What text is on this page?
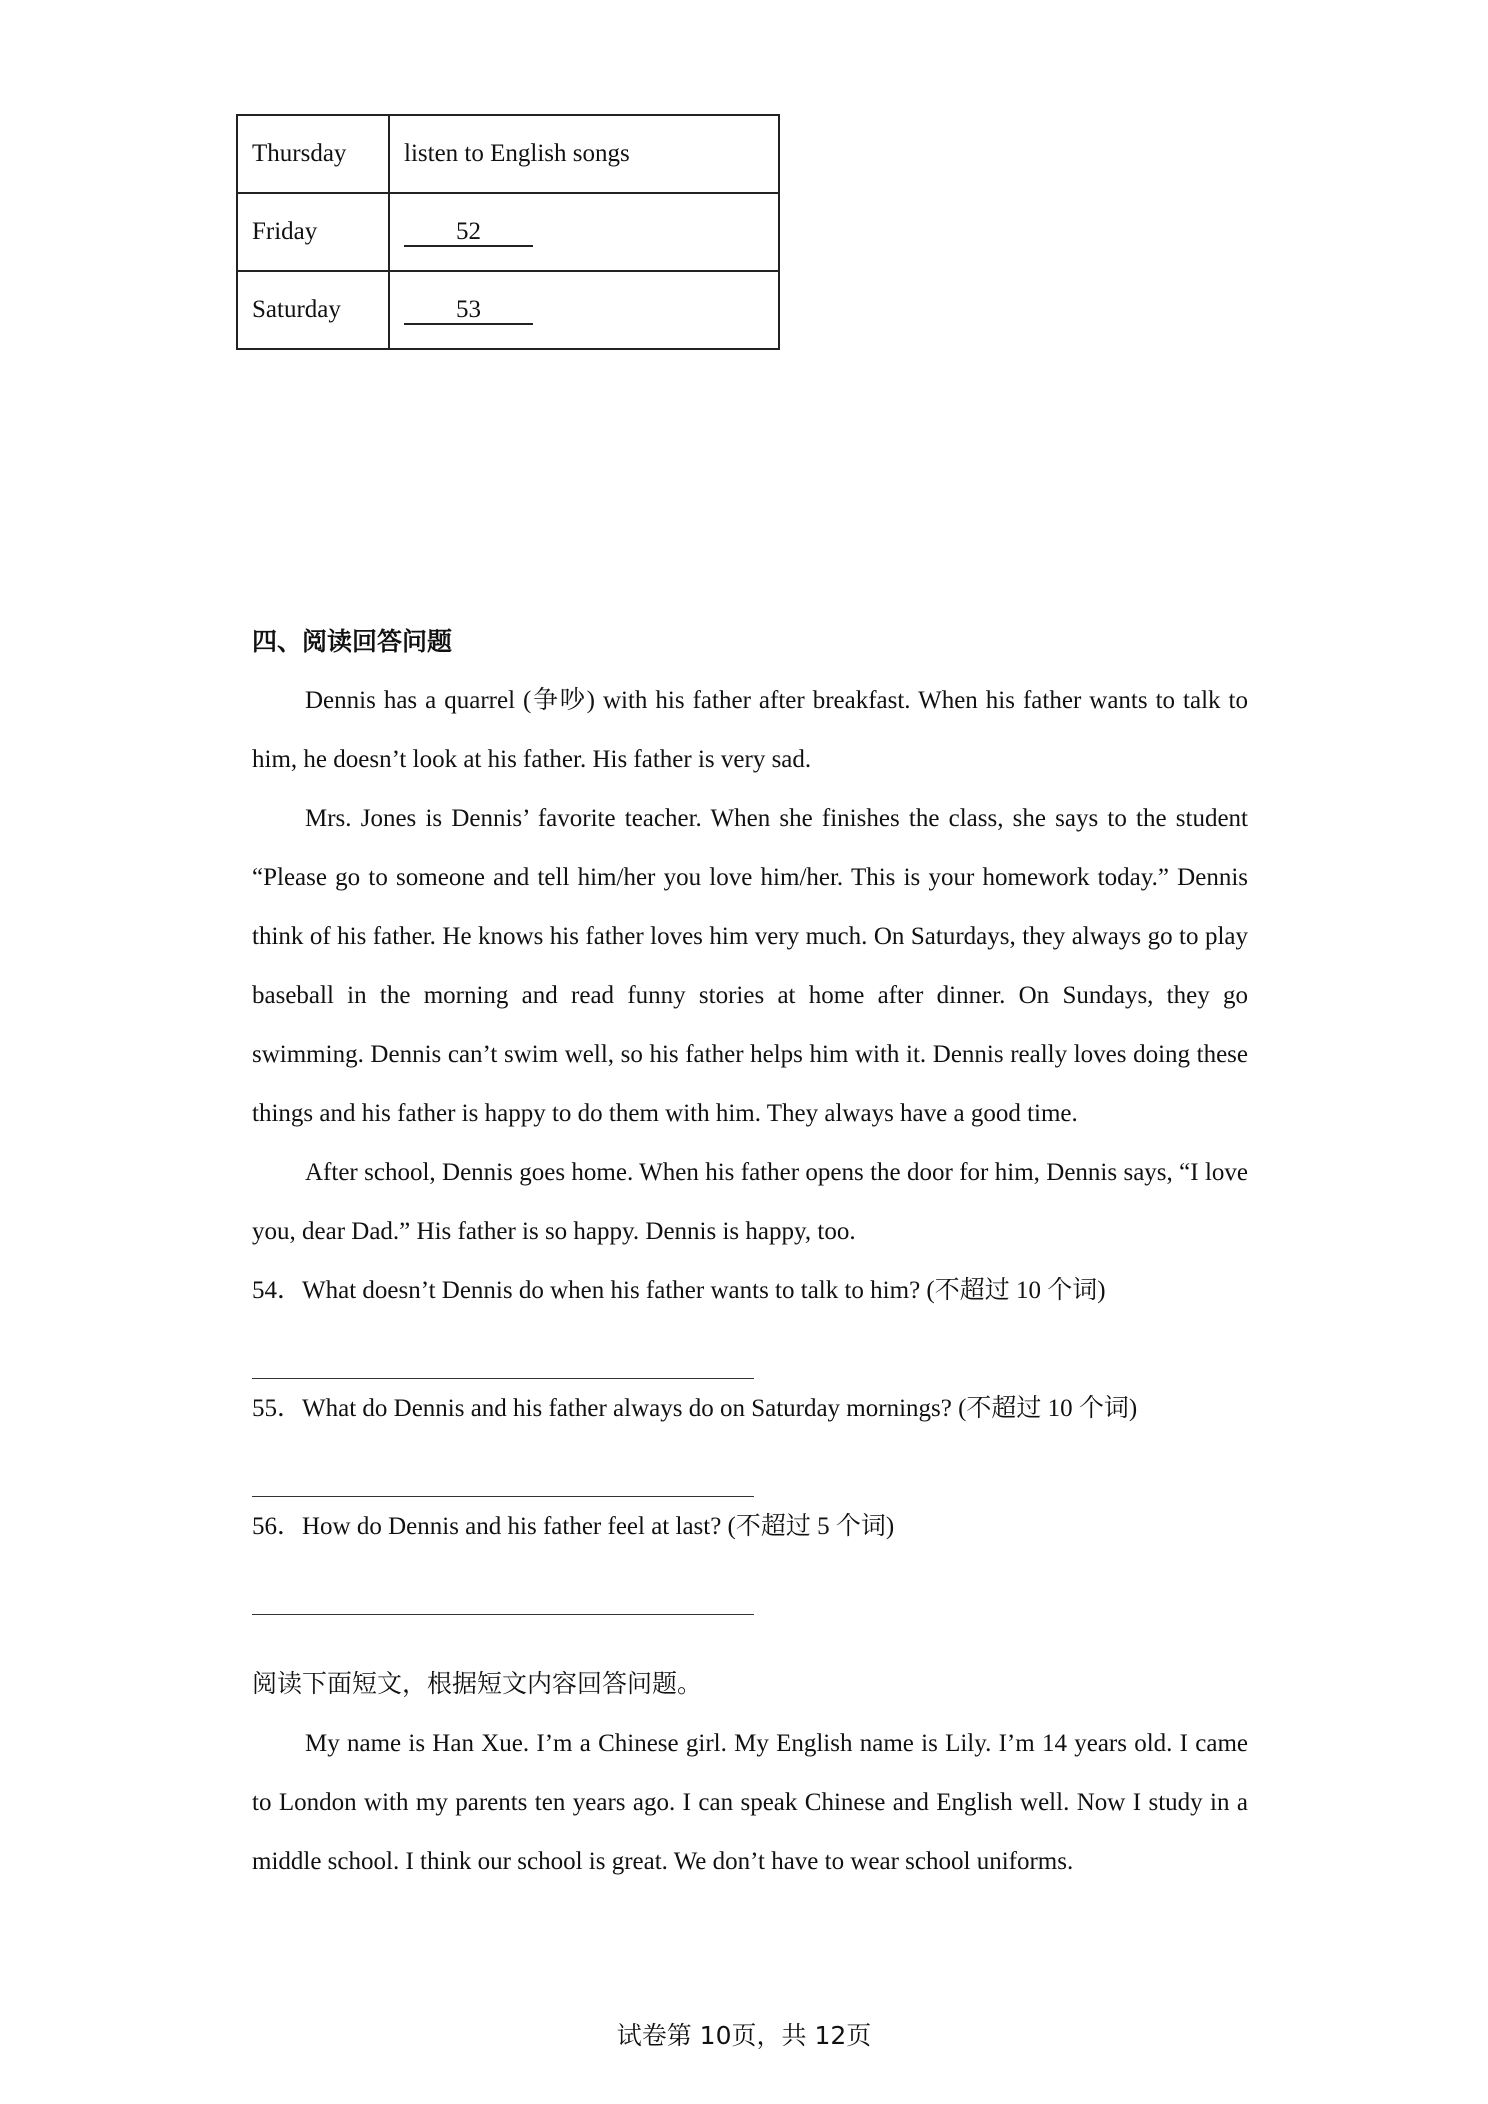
Thursday	listen to English songs
Friday	52
Saturday	53

四、阅读回答问题

Dennis has a quarrel (争吵) with his father after breakfast. When his father wants to talk to him, he doesn’t look at his father. His father is very sad.

Mrs. Jones is Dennis’ favorite teacher. When she finishes the class, she says to the student “Please go to someone and tell him/her you love him/her. This is your homework today.” Dennis think of his father. He knows his father loves him very much. On Saturdays, they always go to play baseball in the morning and read funny stories at home after dinner. On Sundays, they go swimming. Dennis can’t swim well, so his father helps him with it. Dennis really loves doing these things and his father is happy to do them with him. They always have a good time.

After school, Dennis goes home. When his father opens the door for him, Dennis says, “I love you, dear Dad.” His father is so happy. Dennis is happy, too.

54．What doesn’t Dennis do when his father wants to talk to him? (不超过 10 个词)

55．What do Dennis and his father always do on Saturday mornings? (不超过 10 个词)

56．How do Dennis and his father feel at last? (不超过 5 个词)

阅读下面短文，根据短文内容回答问题。

My name is Han Xue. I’m a Chinese girl. My English name is Lily. I’m 14 years old. I came to London with my parents ten years ago. I can speak Chinese and English well. Now I study in a middle school. I think our school is great. We don’t have to wear school uniforms.

试卷第 10页，共 12页
